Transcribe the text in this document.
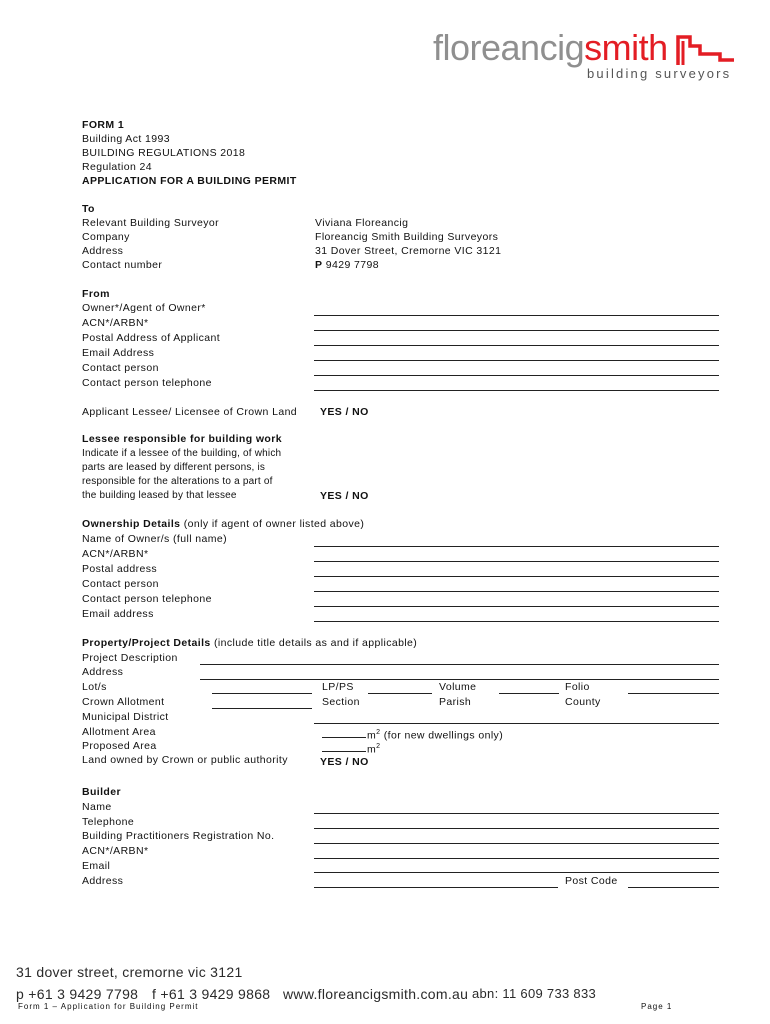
floreancigsmith
building surveyors
FORM 1
Building Act 1993
BUILDING REGULATIONS 2018
Regulation 24
APPLICATION FOR A BUILDING PERMIT
To
Relevant Building Surveyor	Viviana Floreancig
Company	Floreancig Smith Building Surveyors
Address	31 Dover Street, Cremorne VIC 3121
Contact number	P 9429 7798
From
Owner*/Agent of Owner*
ACN*/ARBN*
Postal Address of Applicant
Email Address
Contact person
Contact person telephone
Applicant Lessee/ Licensee of Crown Land YES / NO
Lessee responsible for building work
Indicate if a lessee of the building, of which
parts are leased by different persons, is
responsible for the alterations to a part of
the building leased by that lessee	YES / NO
Ownership Details (only if agent of owner listed above)
Name of Owner/s (full name)
ACN*/ARBN*
Postal address
Contact person
Contact person telephone
Email address
Property/Project Details (include title details as and if applicable)
Project Description
Address
Lot/s	LP/PS	Volume	Folio
Crown Allotment	Section	Parish	County
Municipal District
Allotment Area	$m^2$ (for new dwellings only)
Proposed Area	$m^2$
Land owned by Crown or public authority	YES / NO
Builder
Name
Telephone
Building Practitioners Registration No.
ACN*/ARBN*
Email
Address	Post Code
31 dover street, cremorne vic 3121
p +61 3 9429 7798 f +61 3 9429 9868 www.floreancigsmith.com.au abn: 11 609 733 833
Form 1 – Application for Building Permit	Page 1
